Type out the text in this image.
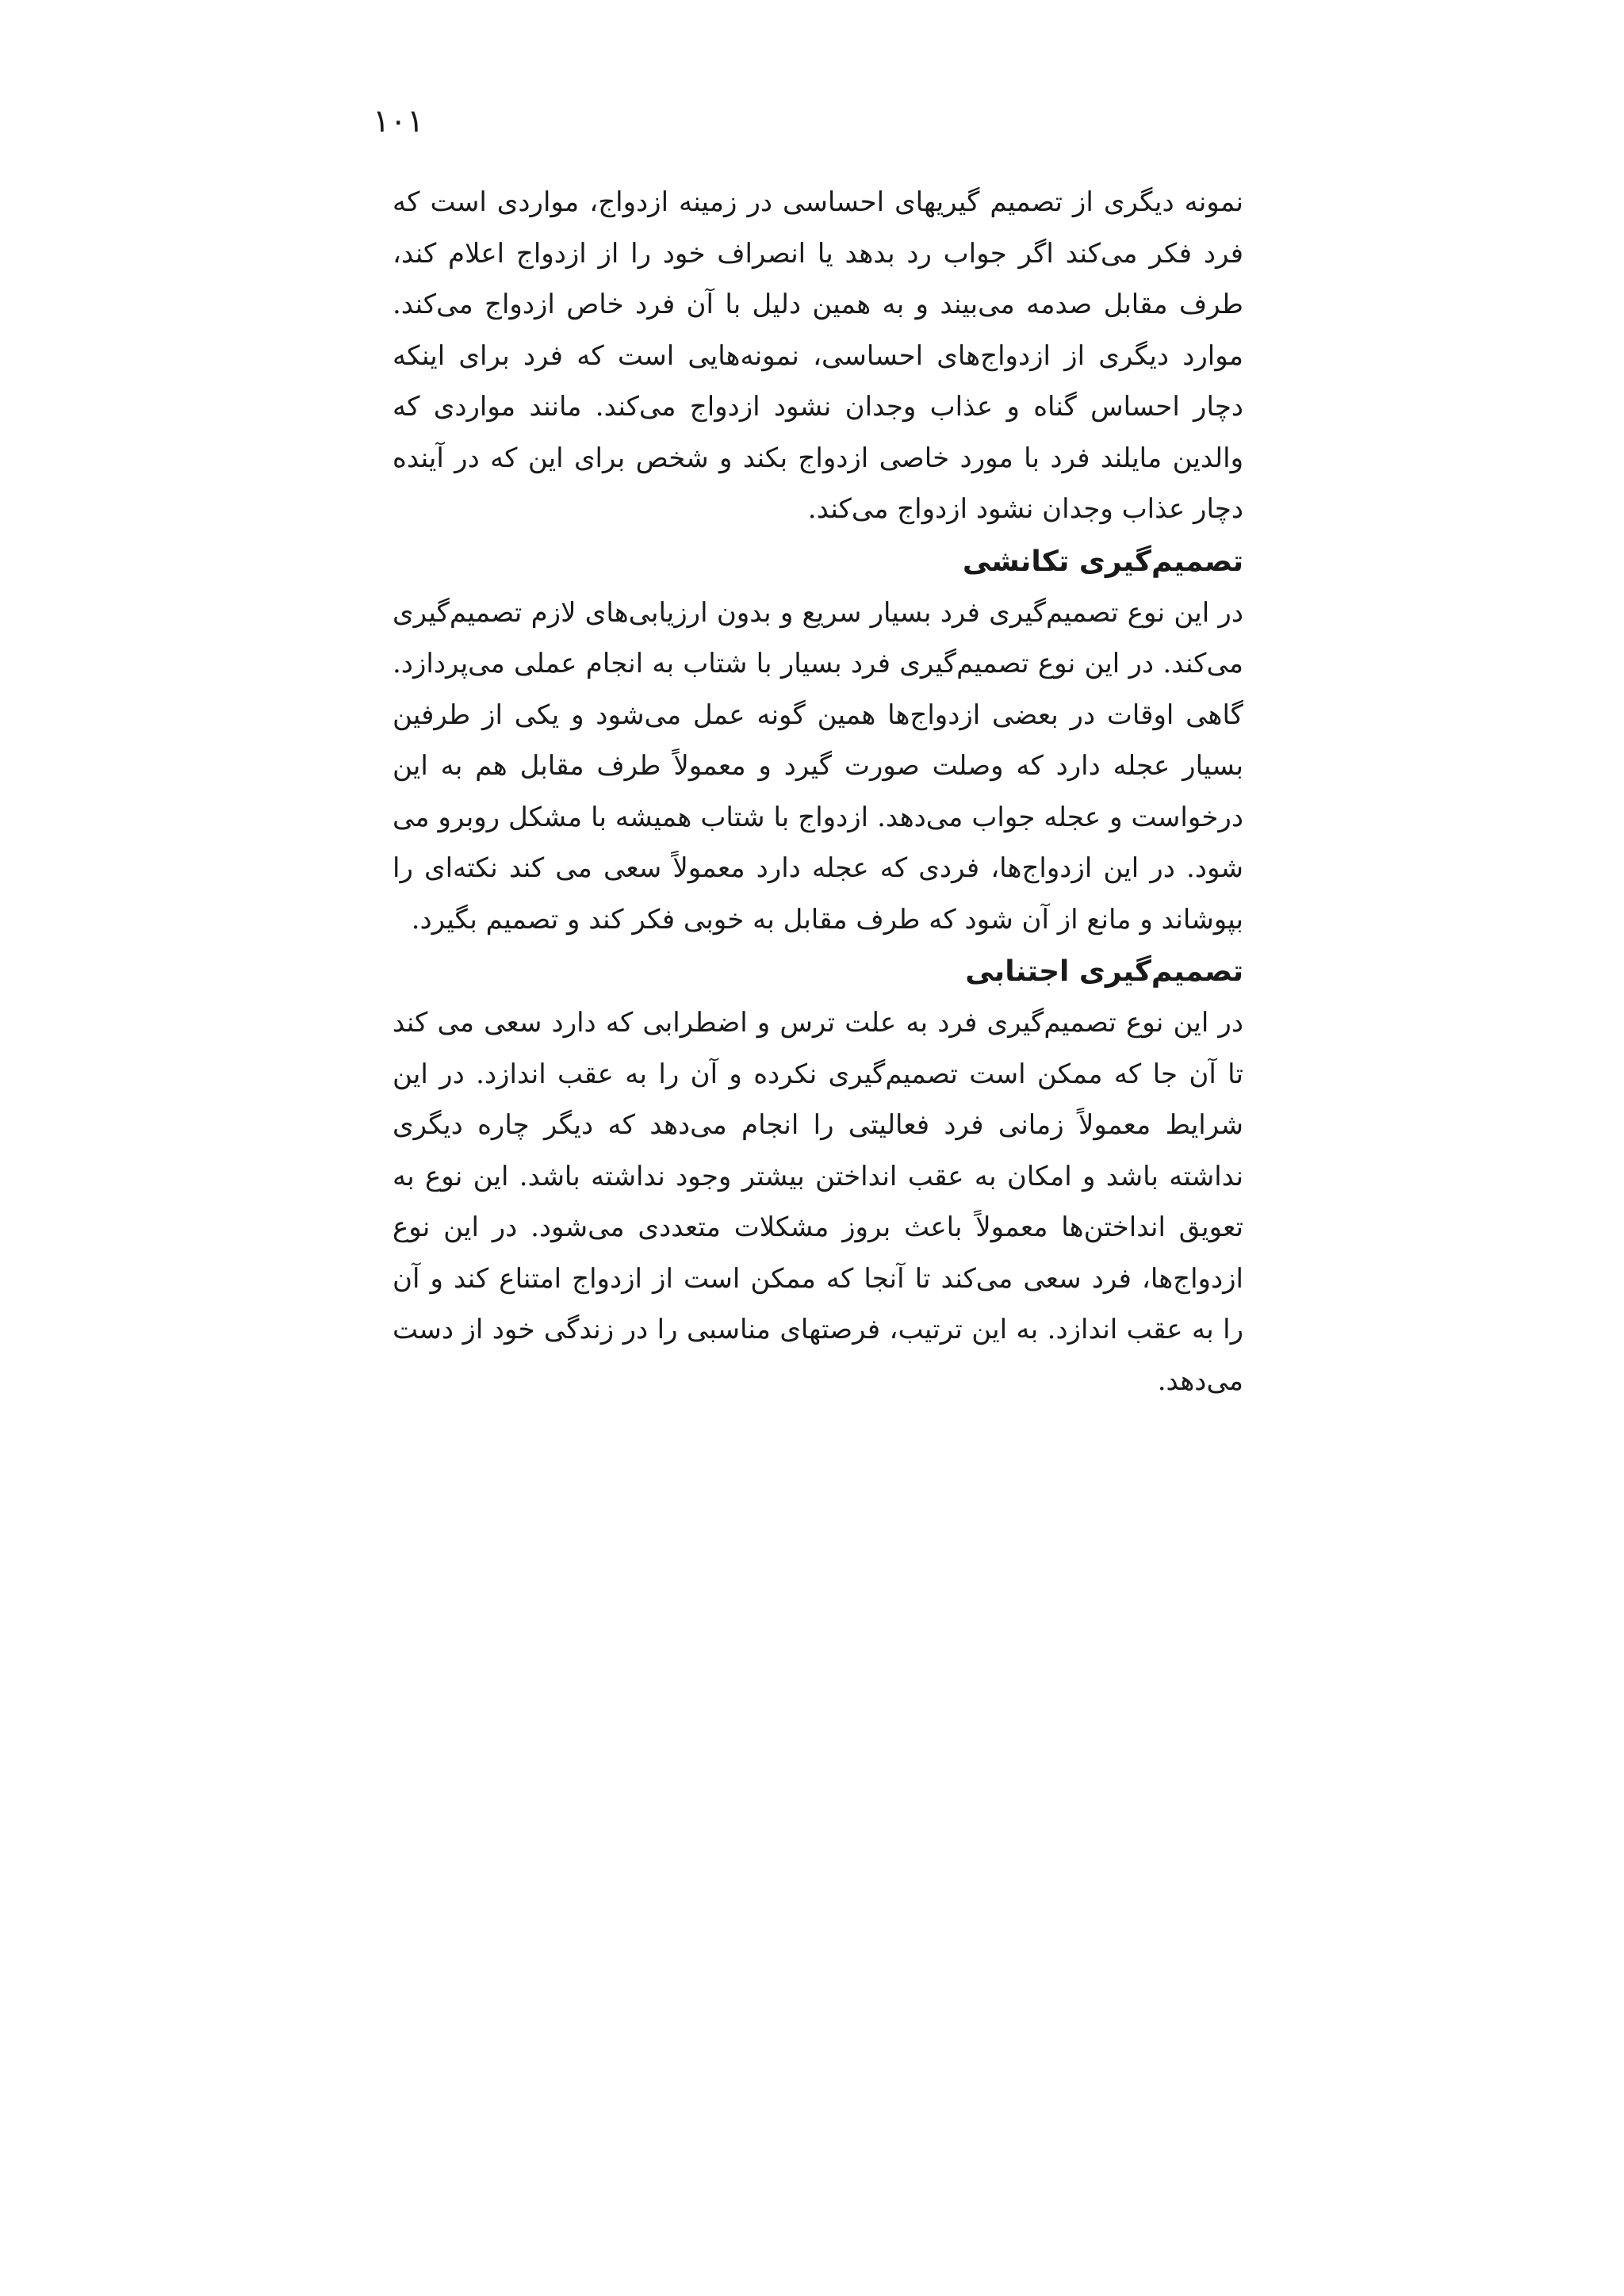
۱۰۱

نمونه دیگری از تصمیم گیریهای احساسی در زمینه ازدواج، مواردی است که فرد فکر می‌کند اگر جواب رد بدهد یا انصراف خود را از ازدواج اعلام کند، طرف مقابل صدمه می‌بیند و به همین دلیل با آن فرد خاص ازدواج می‌کند. موارد دیگری از ازدواج‌های احساسی، نمونه‌هایی است که فرد برای اینکه دچار احساس گناه و عذاب وجدان نشود ازدواج می‌کند. مانند مواردی که والدین مایلند فرد با مورد خاصی ازدواج بکند و شخص برای این که در آینده دچار عذاب وجدان نشود ازدواج می‌کند.

تصمیم‌گیری تکانشی

در این نوع تصمیم‌گیری فرد بسیار سریع و بدون ارزیابی‌های لازم تصمیم‌گیری می‌کند. در این نوع تصمیم‌گیری فرد بسیار با شتاب به انجام عملی می‌پردازد. گاهی اوقات در بعضی ازدواج‌ها همین گونه عمل می‌شود و یکی از طرفین بسیار عجله دارد که وصلت صورت گیرد و معمولاً طرف مقابل هم به این درخواست و عجله جواب می‌دهد. ازدواج با شتاب همیشه با مشکل روبرو می شود. در این ازدواج‌ها، فردی که عجله دارد معمولاً سعی می کند نکته‌ای را بپوشاند و مانع از آن شود که طرف مقابل به خوبی فکر کند و تصمیم بگیرد.

تصمیم‌گیری اجتنابی

در این نوع تصمیم‌گیری فرد به علت ترس و اضطرابی که دارد سعی می کند تا آن جا که ممکن است تصمیم‌گیری نکرده و آن را به عقب اندازد. در این شرایط معمولاً زمانی فرد فعالیتی را انجام می‌دهد که دیگر چاره دیگری نداشته باشد و امکان به عقب انداختن بیشتر وجود نداشته باشد. این نوع به تعویق انداختن‌ها معمولاً باعث بروز مشکلات متعددی می‌شود. در این نوع ازدواج‌ها، فرد سعی می‌کند تا آنجا که ممکن است از ازدواج امتناع کند و آن را به عقب اندازد. به این ترتیب، فرصتهای مناسبی را در زندگی خود از دست می‌دهد.
